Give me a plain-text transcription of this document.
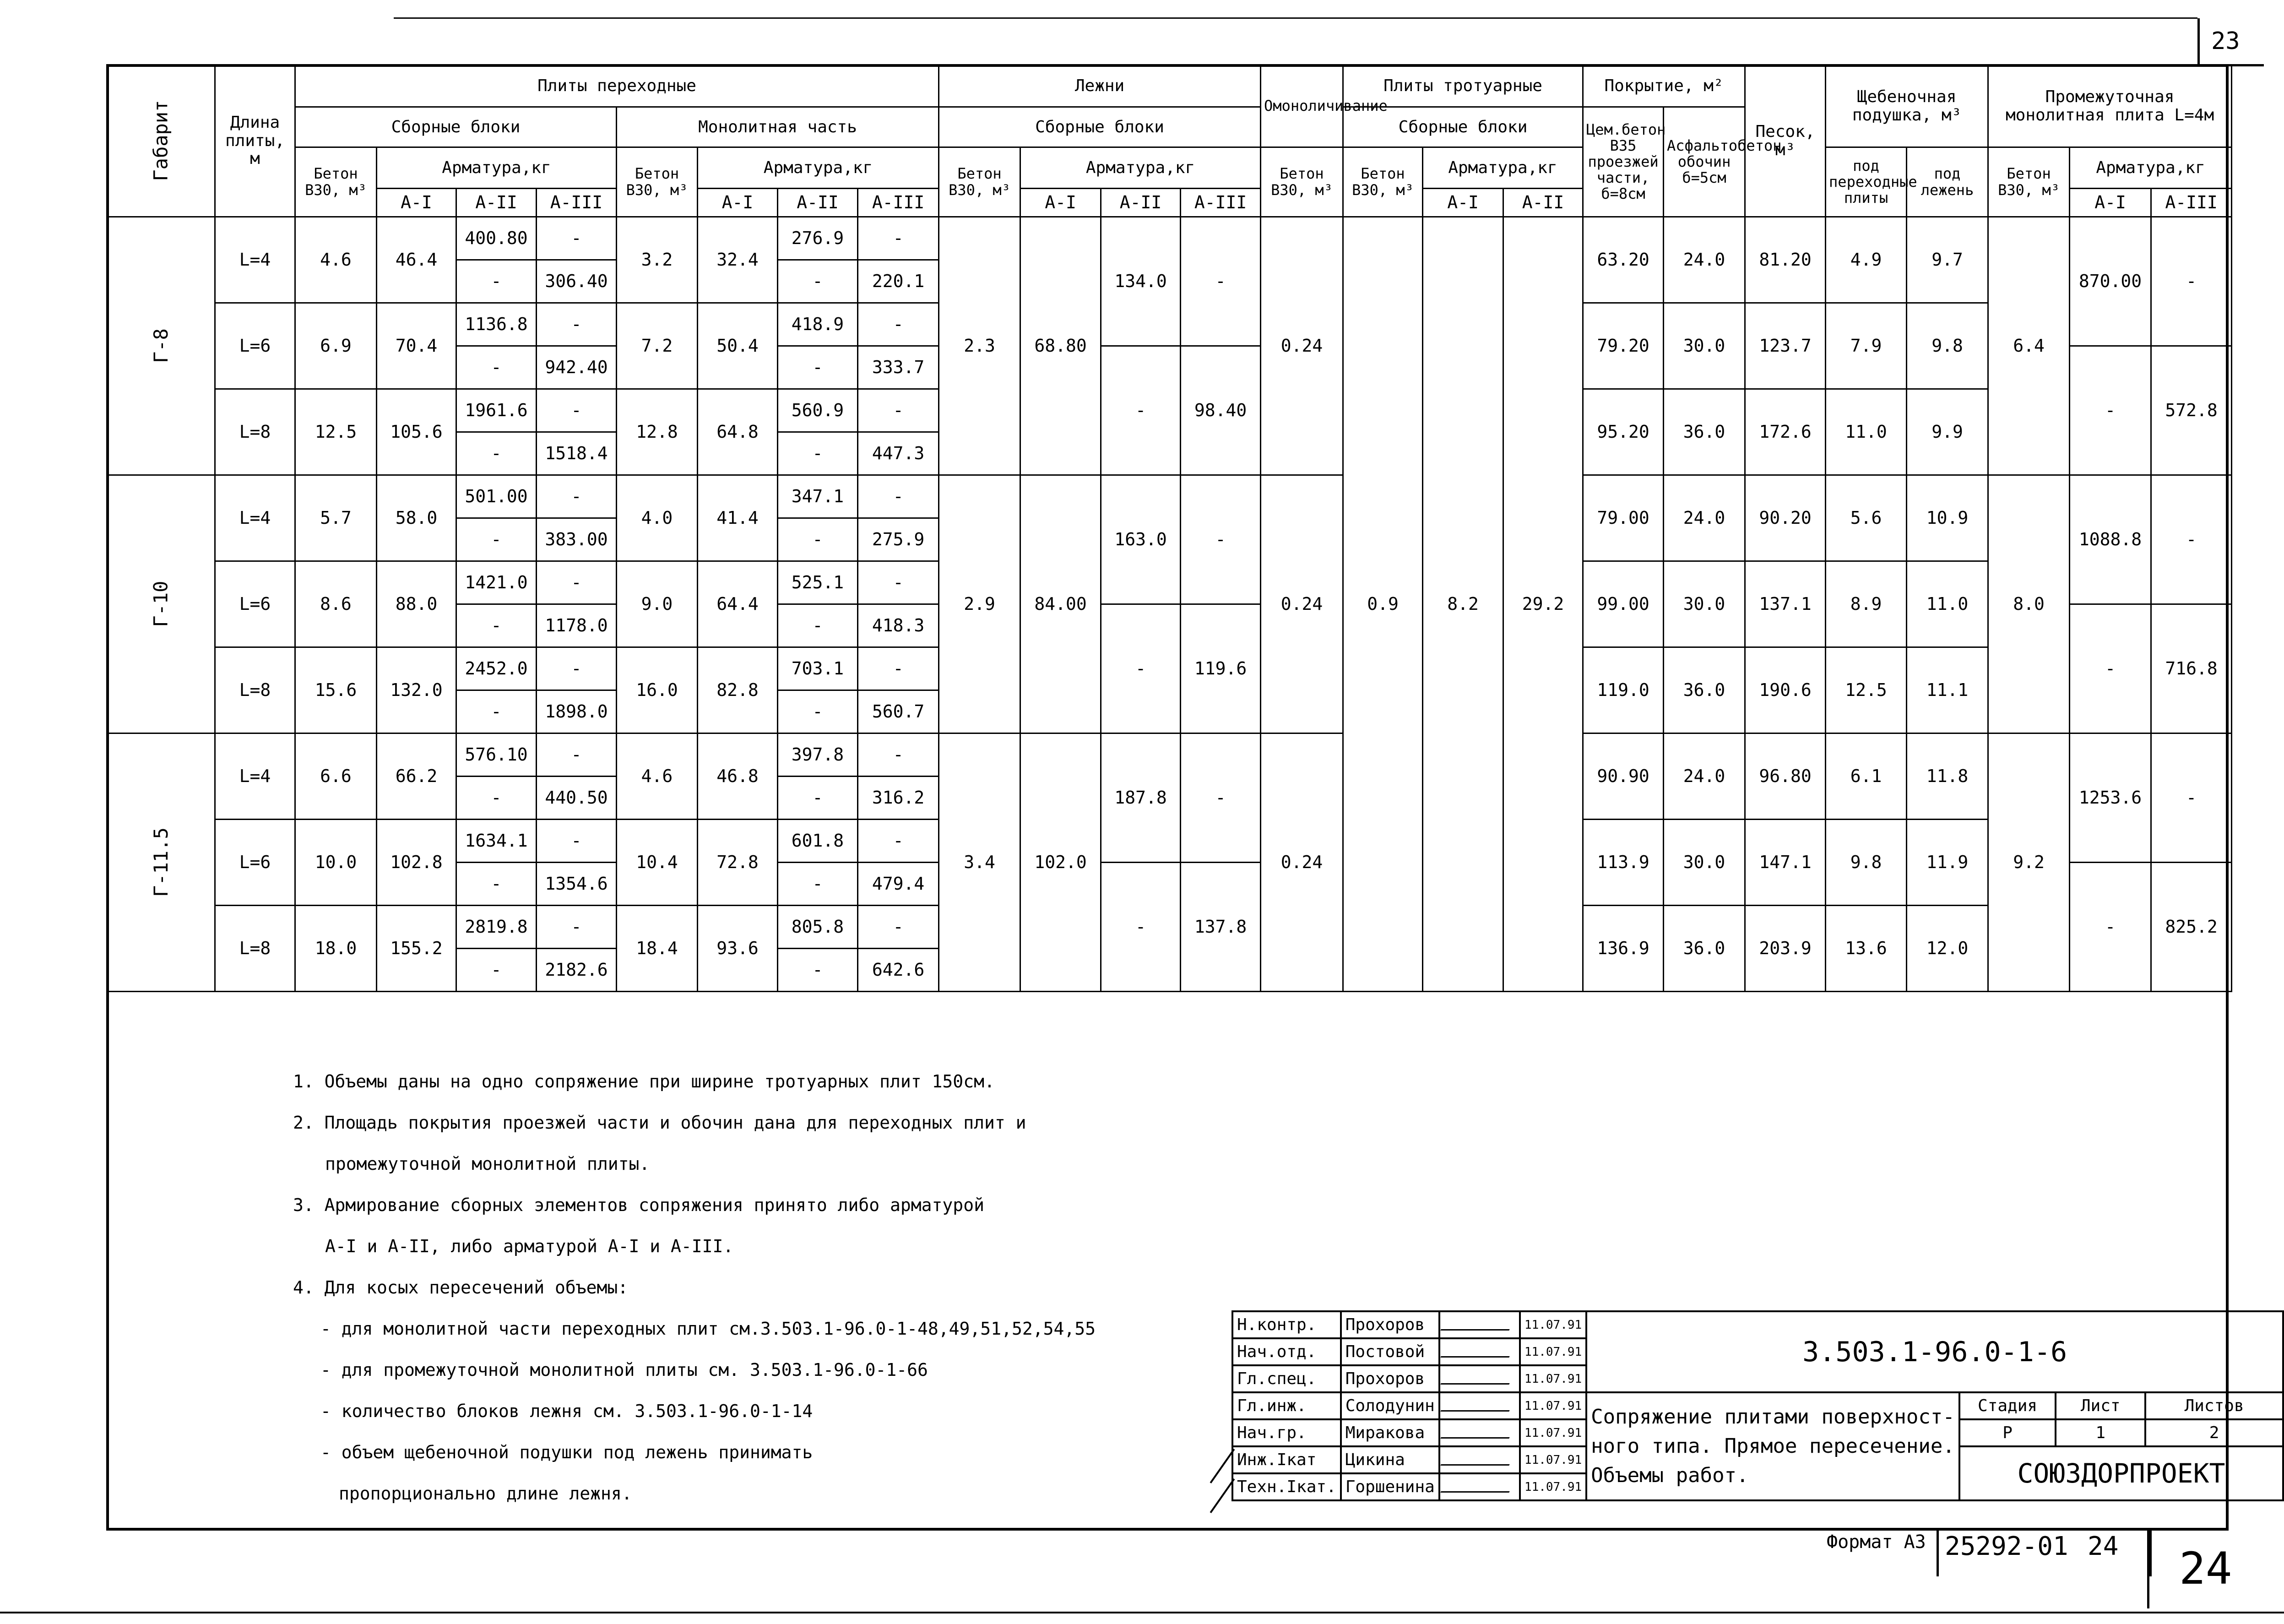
23
Габарит	Длина плиты, м	Плиты переходные								Лежни				Омоноличивание	Плиты тротуарные			Покрытие, м²		Песок, м³	Щебеночная подушка, м³		Промежуточная монолитная плита L=4м		
		Сборные блоки				Монолитная часть				Сборные блоки					Сборные блоки			Цем.бетон В35 проезжей части, б=8см	Асфальтобетон обочин б=5см						
		Бетон В30, м³	Арматура,кг			Бетон В30, м³	Арматура,кг			Бетон В30, м³	Арматура,кг			Бетон В30, м³	Бетон В30, м³	Арматура,кг					под переходные плиты	под лежень	Бетон В30, м³	Арматура,кг	
			А-I	А-II	А-III		А-I	А-II	А-III		А-I	А-II	А-III			А-I	А-II							А-I	А-III
Г-8	L=4	4.6	46.4	400.80	-	3.2	32.4	276.9	-	2.3	68.80	134.0	-	0.24	0.9	8.2	29.2	63.20	24.0	81.20	4.9	9.7	6.4	870.00	-
				-	306.40			-	220.1																
	L=6	6.9	70.4	1136.8	-	7.2	50.4	418.9	-									79.20	30.0	123.7	7.9	9.8			
				-	942.40			-	333.7			-	98.40											-	572.8
	L=8	12.5	105.6	1961.6	-	12.8	64.8	560.9	-									95.20	36.0	172.6	11.0	9.9			
				-	1518.4			-	447.3																
Г-10	L=4	5.7	58.0	501.00	-	4.0	41.4	347.1	-	2.9	84.00	163.0	-	0.24				79.00	24.0	90.20	5.6	10.9	8.0	1088.8	-
				-	383.00			-	275.9																
	L=6	8.6	88.0	1421.0	-	9.0	64.4	525.1	-									99.00	30.0	137.1	8.9	11.0			
				-	1178.0			-	418.3			-	119.6											-	716.8
	L=8	15.6	132.0	2452.0	-	16.0	82.8	703.1	-									119.0	36.0	190.6	12.5	11.1			
				-	1898.0			-	560.7																
Г-11.5	L=4	6.6	66.2	576.10	-	4.6	46.8	397.8	-	3.4	102.0	187.8	-	0.24				90.90	24.0	96.80	6.1	11.8	9.2	1253.6	-
				-	440.50			-	316.2																
	L=6	10.0	102.8	1634.1	-	10.4	72.8	601.8	-									113.9	30.0	147.1	9.8	11.9			
				-	1354.6			-	479.4			-	137.8											-	825.2
	L=8	18.0	155.2	2819.8	-	18.4	93.6	805.8	-									136.9	36.0	203.9	13.6	12.0			
				-	2182.6			-	642.6																
1. Объемы даны на одно сопряжение при ширине тротуарных плит 150см.
2. Площадь покрытия проезжей части и обочин дана для переходных плит и
промежуточной монолитной плиты.
3. Армирование сборных элементов сопряжения принято либо арматурой
А-I и А-II, либо арматурой А-I и А-III.
4. Для косых пересечений объемы:
- для монолитной части переходных плит см.3.503.1-96.0-1-48,49,51,52,54,55
- для промежуточной монолитной плиты см. 3.503.1-96.0-1-66
- количество блоков лежня см. 3.503.1-96.0-1-14
- объем щебеночной подушки под лежень принимать
пропорционально длине лежня.
Н.контр.	Прохоров		11.07.91	3.503.1-96.0-1-6			
Нач.отд.	Постовой		11.07.91				
Гл.спец.	Прохоров		11.07.91				
Гл.инж.	Солодунин		11.07.91	Сопряжение плитами поверхност-
ного типа. Прямое пересечение.
Объемы работ.	Стадия	Лист	Листов
Нач.гр.	Миракова		11.07.91		Р	1	2
Инж.Iкат	Цикина		11.07.91		СОЮЗДОРПРОЕКТ		
Техн.Iкат.	Горшенина		11.07.91				
Формат А3 25292-01 24 24
